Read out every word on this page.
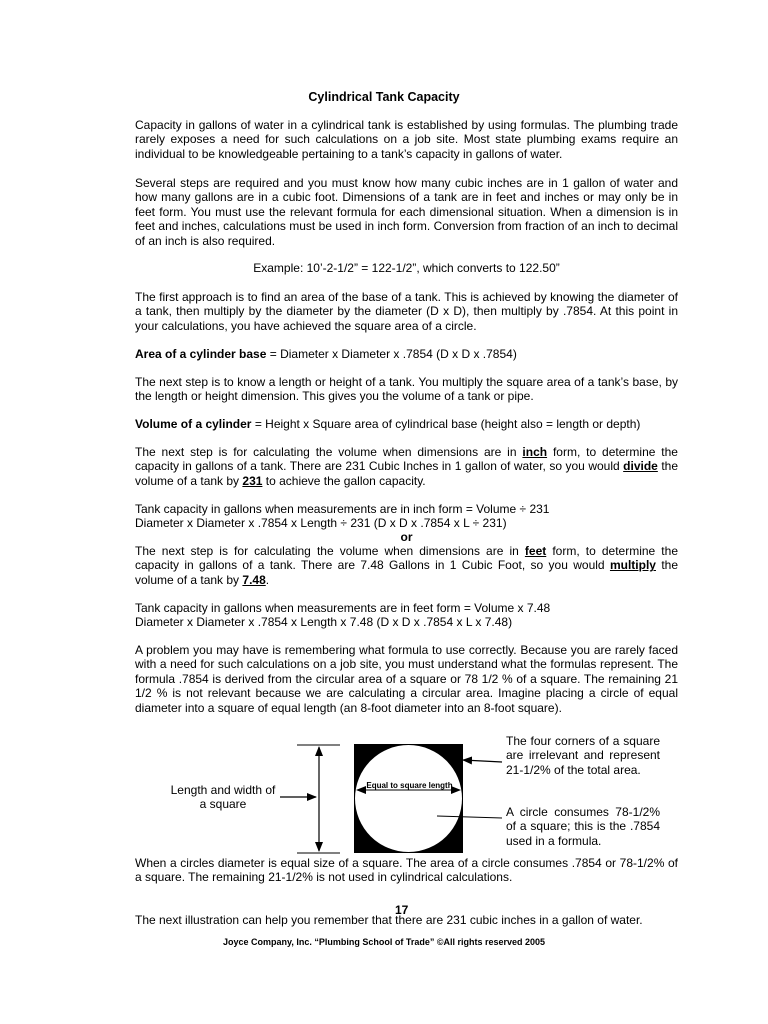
Cylindrical Tank Capacity

Capacity in gallons of water in a cylindrical tank is established by using formulas. The plumbing trade rarely exposes a need for such calculations on a job site. Most state plumbing exams require an individual to be knowledgeable pertaining to a tank’s capacity in gallons of water.

Several steps are required and you must know how many cubic inches are in 1 gallon of water and how many gallons are in a cubic foot. Dimensions of a tank are in feet and inches or may only be in feet form. You must use the relevant formula for each dimensional situation. When a dimension is in feet and inches, calculations must be used in inch form. Conversion from fraction of an inch to decimal of an inch is also required.

Example: 10’-2-1/2” = 122-1/2”, which converts to 122.50”

The first approach is to find an area of the base of a tank. This is achieved by knowing the diameter of a tank, then multiply by the diameter by the diameter (D x D), then multiply by .7854. At this point in your calculations, you have achieved the square area of a circle.

Area of a cylinder base = Diameter x Diameter x .7854 (D x D x .7854)

The next step is to know a length or height of a tank. You multiply the square area of a tank’s base, by the length or height dimension. This gives you the volume of a tank or pipe.

Volume of a cylinder = Height x Square area of cylindrical base (height also = length or depth)

The next step is for calculating the volume when dimensions are in inch form, to determine the capacity in gallons of a tank. There are 231 Cubic Inches in 1 gallon of water, so you would divide the volume of a tank by 231 to achieve the gallon capacity.

Tank capacity in gallons when measurements are in inch form = Volume ÷ 231

Diameter x Diameter x .7854 x Length ÷ 231 (D x D x .7854 x L ÷ 231)

or

The next step is for calculating the volume when dimensions are in feet form, to determine the capacity in gallons of a tank. There are 7.48 Gallons in 1 Cubic Foot, so you would multiply the volume of a tank by 7.48.

Tank capacity in gallons when measurements are in feet form = Volume x 7.48

Diameter x Diameter x .7854 x Length x 7.48 (D x D x .7854 x L x 7.48)

A problem you may have is remembering what formula to use correctly. Because you are rarely faced with a need for such calculations on a job site, you must understand what the formulas represent. The formula .7854 is derived from the circular area of a square or 78 1/2 % of a square. The remaining 21 1/2 % is not relevant because we are calculating a circular area. Imagine placing a circle of equal diameter into a square of equal length (an 8-foot diameter into an 8-foot square).

Length and width of a square
Equal to square length

The four corners of a square are irrelevant and represent 21-1/2% of the total area.

A circle consumes 78-1/2% of a square; this is the .7854 used in a formula.

When a circles diameter is equal size of a square. The area of a circle consumes .7854 or 78-1/2% of a square. The remaining 21-1/2% is not used in cylindrical calculations.

17

The next illustration can help you remember that there are 231 cubic inches in a gallon of water.

Joyce Company, Inc. “Plumbing School of Trade” ©All rights reserved 2005
